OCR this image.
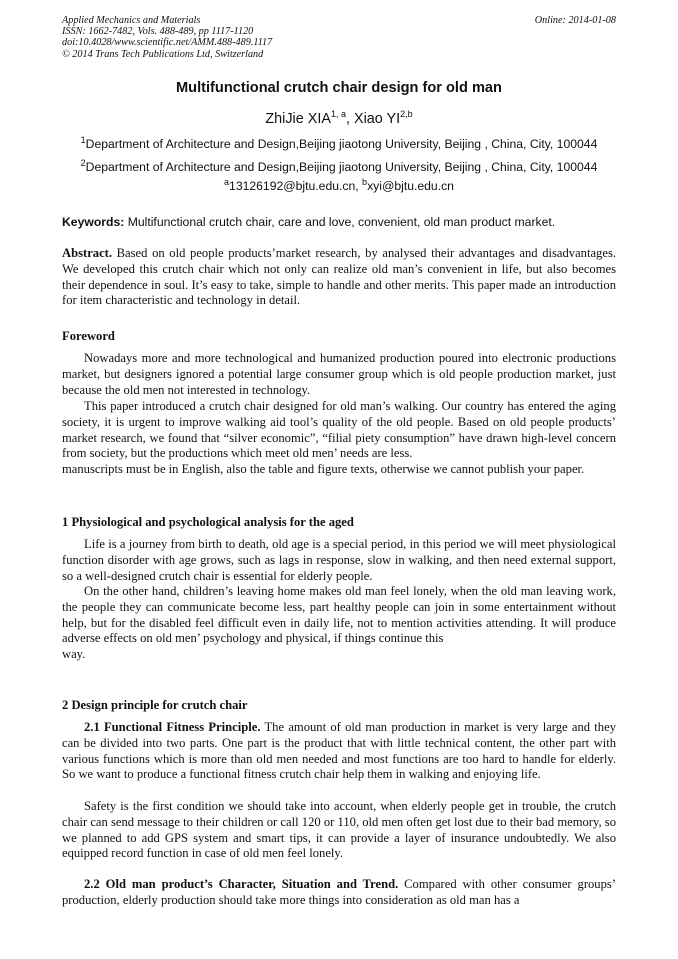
Applied Mechanics and Materials
ISSN: 1662-7482, Vols. 488-489, pp 1117-1120
doi:10.4028/www.scientific.net/AMM.488-489.1117
© 2014 Trans Tech Publications Ltd, Switzerland
Online: 2014-01-08
Multifunctional crutch chair design for old man
ZhiJie XIA$^{1, a}$, Xiao YI$^{2,b}$
$^1$Department of Architecture and Design,Beijing jiaotong University, Beijing , China, City, 100044
$^2$Department of Architecture and Design,Beijing jiaotong University, Beijing , China, City, 100044
$^a$13126192@bjtu.edu.cn, $^b$xyi@bjtu.edu.cn
Keywords: Multifunctional crutch chair, care and love, convenient, old man product market.

Abstract. Based on old people products’market research, by analysed their advantages and disadvantages. We developed this crutch chair which not only can realize old man’s convenient in life, but also becomes their dependence in soul. It’s easy to take, simple to handle and other merits. This paper made an introduction for item characteristic and technology in detail.

Foreword

Nowadays more and more technological and humanized production poured into electronic productions market, but designers ignored a potential large consumer group which is old people production market, just because the old men not interested in technology.

This paper introduced a crutch chair designed for old man’s walking. Our country has entered the aging society, it is urgent to improve walking aid tool’s quality of the old people. Based on old people products’ market research, we found that “silver economic”, “filial piety consumption” have drawn high-level concern from society, but the productions which meet old men’ needs are less.

manuscripts must be in English, also the table and figure texts, otherwise we cannot publish your paper.

1 Physiological and psychological analysis for the aged

Life is a journey from birth to death, old age is a special period, in this period we will meet physiological function disorder with age grows, such as lags in response, slow in walking, and then need external support, so a well-designed crutch chair is essential for elderly people.

On the other hand, children’s leaving home makes old man feel lonely, when the old man leaving work, the people they can communicate become less, part healthy people can join in some entertainment without help, but for the disabled feel difficult even in daily life, not to mention activities attending. It will produce adverse effects on old men’ psychology and physical, if things continue this

way.

2 Design principle for crutch chair

2.1 Functional Fitness Principle. The amount of old man production in market is very large and they can be divided into two parts. One part is the product that with little technical content, the other part with various functions which is more than old men needed and most functions are too hard to handle for elderly. So we want to produce a functional fitness crutch chair help them in walking and enjoying life.

Safety is the first condition we should take into account, when elderly people get in trouble, the crutch chair can send message to their children or call 120 or 110, old men often get lost due to their bad memory, so we planned to add GPS system and smart tips, it can provide a layer of insurance undoubtedly. We also equipped record function in case of old men feel lonely.

2.2 Old man product’s Character, Situation and Trend. Compared with other consumer groups’ production, elderly production should take more things into consideration as old man has a
